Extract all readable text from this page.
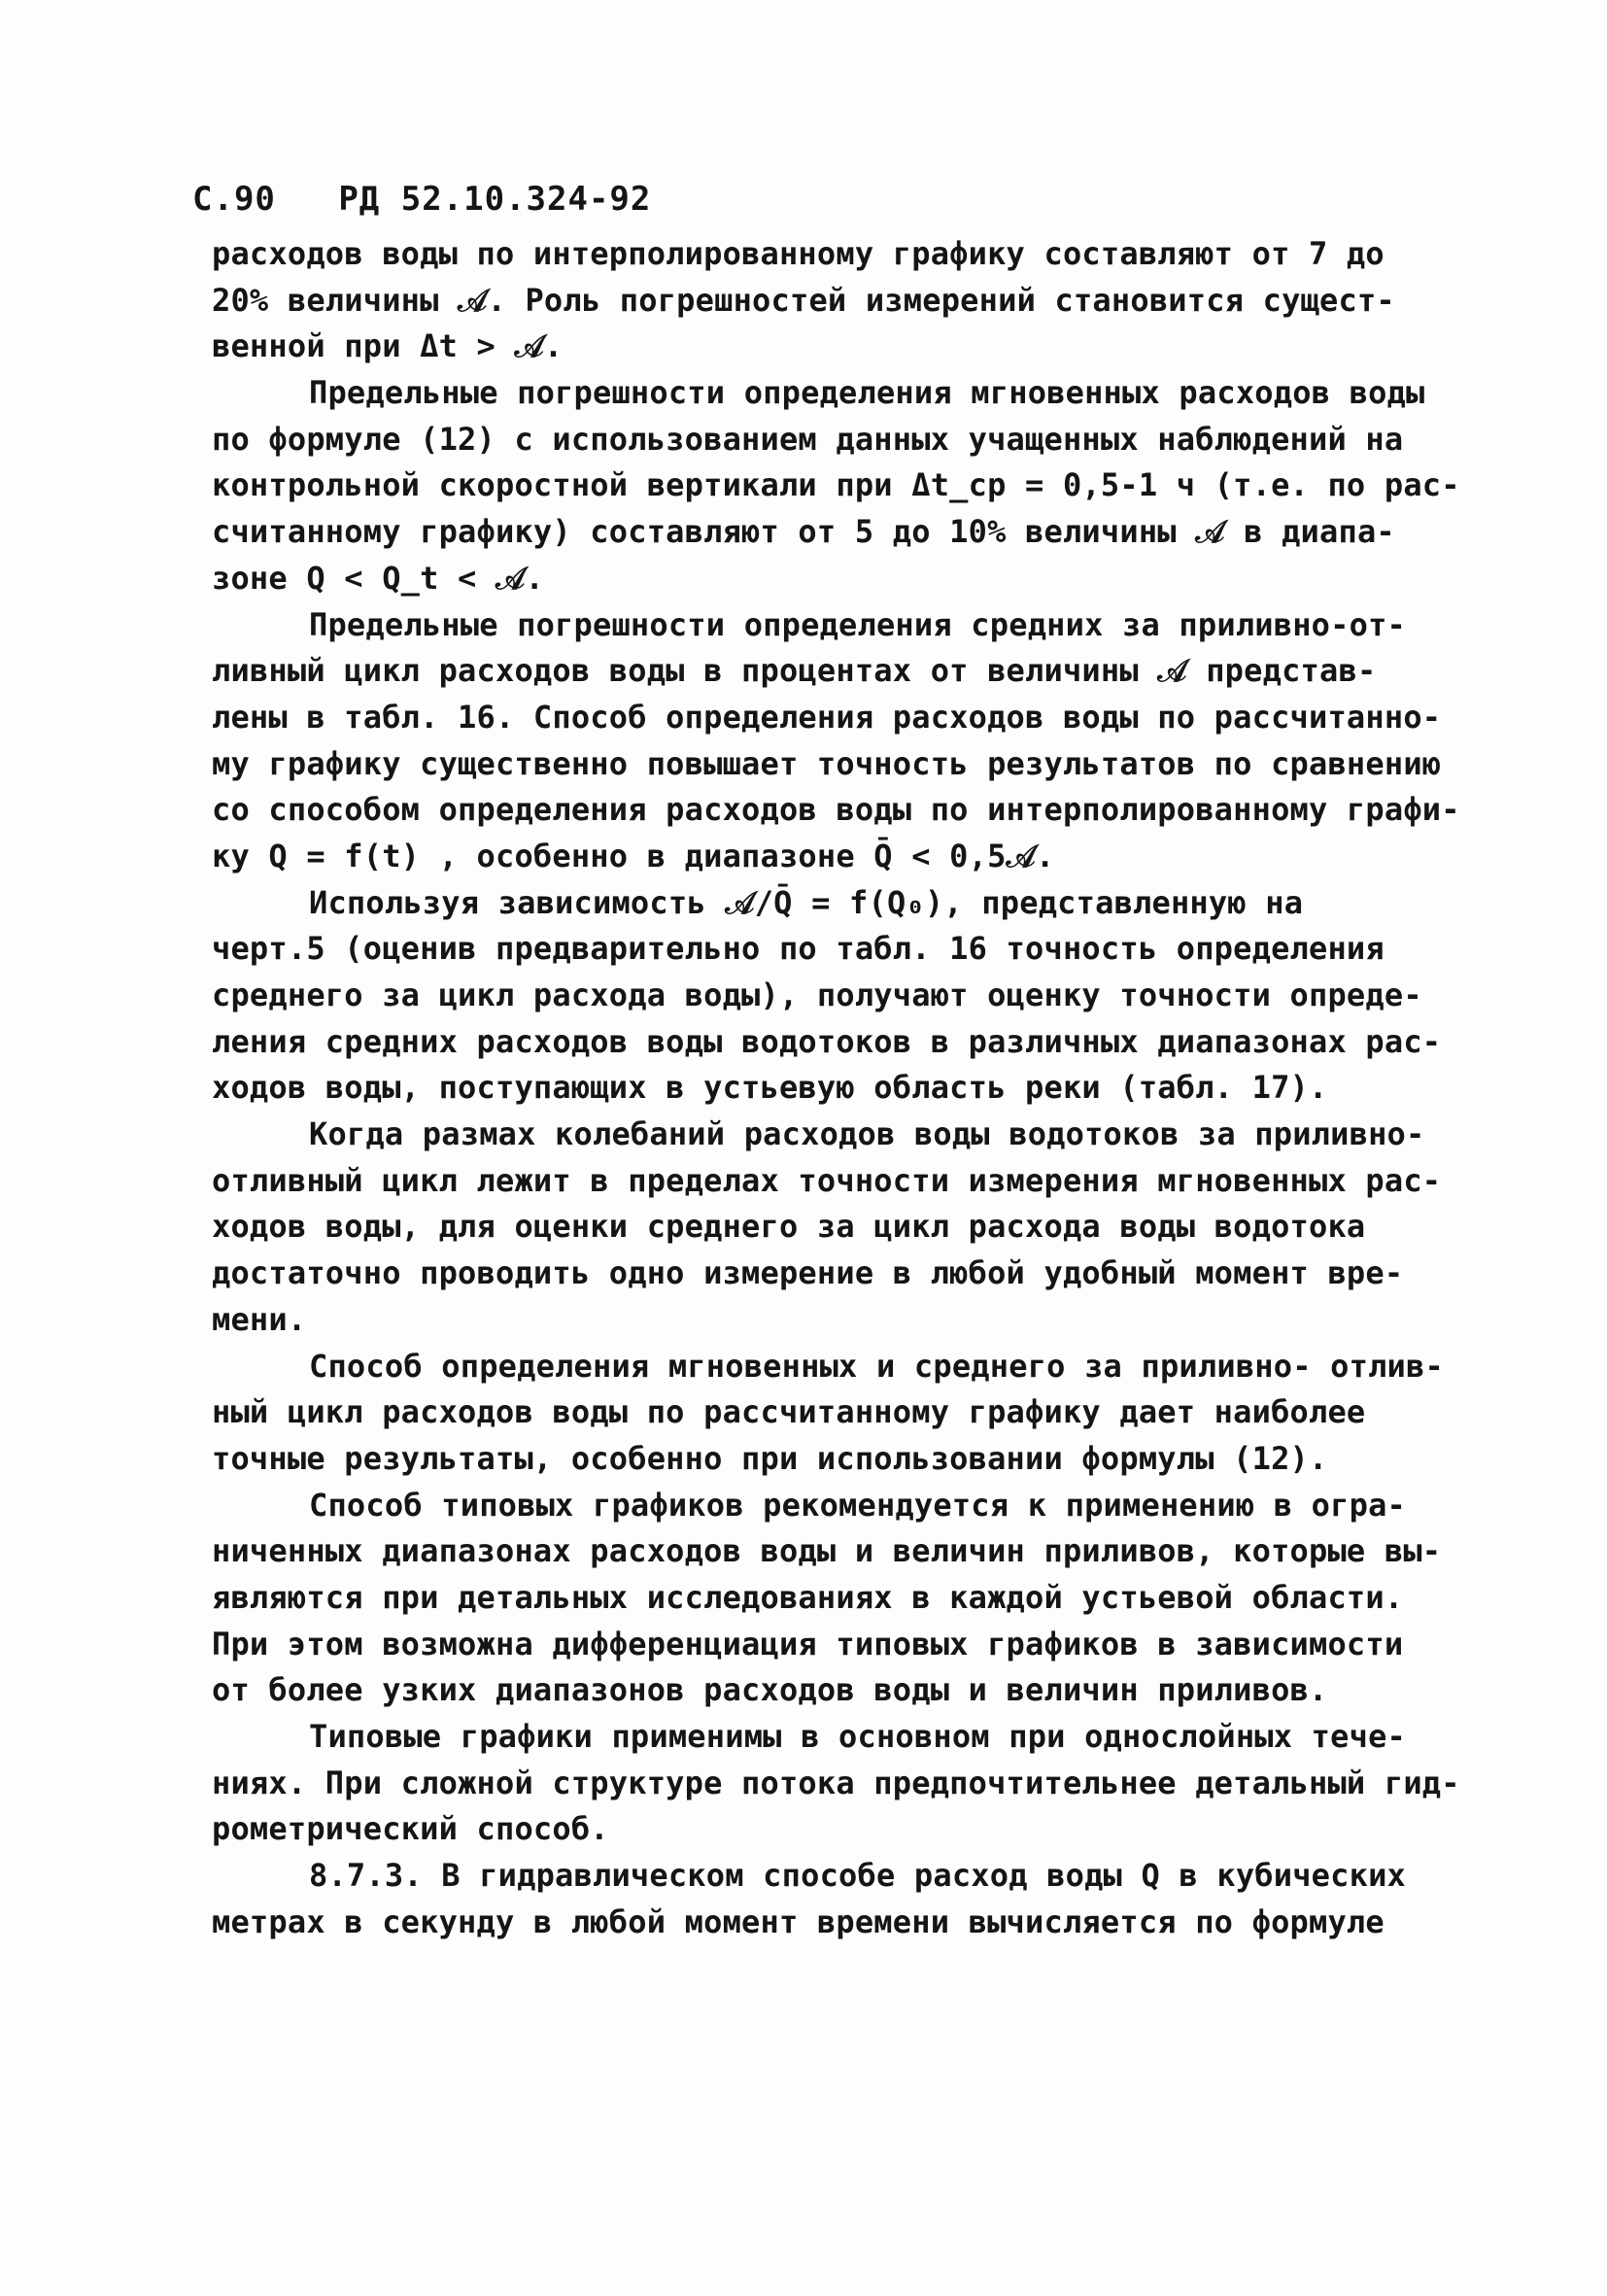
С.90 РД 52.10.324-92
расходов воды по интерполированному графику составляют от 7 до
20% величины 𝒜. Роль погрешностей измерений становится сущест-
венной при Δt > 𝒜.
Предельные погрешности определения мгновенных расходов воды
по формуле (12) с использованием данных учащенных наблюдений на
контрольной скоростной вертикали при Δt_ср = 0,5-1 ч (т.е. по рас-
считанному графику) составляют от 5 до 10% величины 𝒜 в диапа-
зоне Q < Q_t < 𝒜.
Предельные погрешности определения средних за приливно-от-
ливный цикл расходов воды в процентах от величины 𝒜 представ-
лены в табл. 16. Способ определения расходов воды по рассчитанно-
му графику существенно повышает точность результатов по сравнению
со способом определения расходов воды по интерполированному графи-
ку Q = f(t) , особенно в диапазоне Q̄ < 0,5𝒜.
Используя зависимость 𝒜/Q̄ = f(Q₀), представленную на
черт.5 (оценив предварительно по табл. 16 точность определения
среднего за цикл расхода воды), получают оценку точности опреде-
ления средних расходов воды водотоков в различных диапазонах рас-
ходов воды, поступающих в устьевую область реки (табл. 17).
Когда размах колебаний расходов воды водотоков за приливно-
отливный цикл лежит в пределах точности измерения мгновенных рас-
ходов воды, для оценки среднего за цикл расхода воды водотока
достаточно проводить одно измерение в любой удобный момент вре-
мени.
Способ определения мгновенных и среднего за приливно- отлив-
ный цикл расходов воды по рассчитанному графику дает наиболее
точные результаты, особенно при использовании формулы (12).
Способ типовых графиков рекомендуется к применению в огра-
ниченных диапазонах расходов воды и величин приливов, которые вы-
являются при детальных исследованиях в каждой устьевой области.
При этом возможна дифференциация типовых графиков в зависимости
от более узких диапазонов расходов воды и величин приливов.
Типовые графики применимы в основном при однослойных тече-
ниях. При сложной структуре потока предпочтительнее детальный гид-
рометрический способ.
8.7.3. В гидравлическом способе расход воды Q в кубических
метрах в секунду в любой момент времени вычисляется по формуле
